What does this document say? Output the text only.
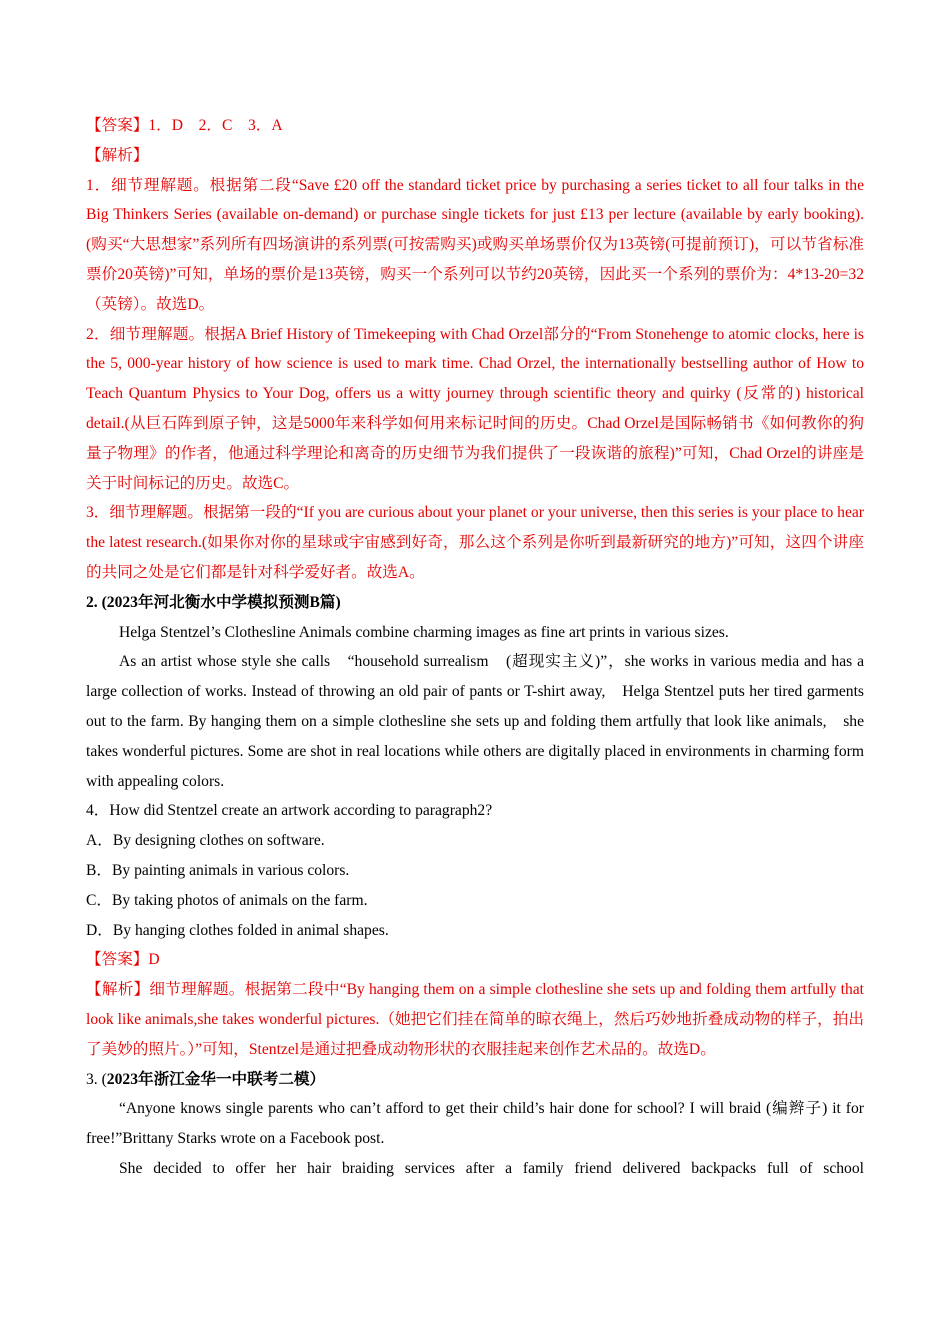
【答案】1．D　2．C　3．A
【解析】

1．细节理解题。根据第二段“Save £20 off the standard ticket price by purchasing a series ticket to all four talks in the Big Thinkers Series (available on-demand) or purchase single tickets for just £13 per lecture (available by early booking).(购买“大思想家”系列所有四场演讲的系列票(可按需购买)或购买单场票价仅为13英镑(可提前预订)，可以节省标准票价20英镑)”可知，单场的票价是13英镑，购买一个系列可以节约20英镑，因此买一个系列的票价为：4*13-20=32（英镑）。故选D。

2．细节理解题。根据A Brief History of Timekeeping with Chad Orzel部分的“From Stonehenge to atomic clocks, here is the 5, 000-year history of how science is used to mark time. Chad Orzel, the internationally bestselling author of How to Teach Quantum Physics to Your Dog, offers us a witty journey through scientific theory and quirky (反常的) historical detail.(从巨石阵到原子钟，这是5000年来科学如何用来标记时间的历史。Chad Orzel是国际畅销书《如何教你的狗量子物理》的作者，他通过科学理论和离奇的历史细节为我们提供了一段诙谐的旅程)”可知，Chad Orzel的讲座是关于时间标记的历史。故选C。

3．细节理解题。根据第一段的“If you are curious about your planet or your universe, then this series is your place to hear the latest research.(如果你对你的星球或宇宙感到好奇，那么这个系列是你听到最新研究的地方)”可知，这四个讲座的共同之处是它们都是针对科学爱好者。故选A。

2. (2023年河北衡水中学模拟预测B篇)

Helga Stentzel’s Clothesline Animals combine charming images as fine art prints in various sizes.

As an artist whose style she calls　“household surrealism　(超现实主义)”，she works in various media and has a large collection of works. Instead of throwing an old pair of pants or T-shirt away,　Helga Stentzel puts her tired garments out to the farm. By hanging them on a simple clothesline she sets up and folding them artfully that look like animals,　she takes wonderful pictures. Some are shot in real locations while others are digitally placed in environments in charming form with appealing colors.

4．How did Stentzel create an artwork according to paragraph2?
A．By designing clothes on software.
B．By painting animals in various colors.
C．By taking photos of animals on the farm.
D．By hanging clothes folded in animal shapes.
【答案】D

【解析】细节理解题。根据第二段中“By hanging them on a simple clothesline she sets up and folding them artfully that look like animals,she takes wonderful pictures.（她把它们挂在简单的晾衣绳上，然后巧妙地折叠成动物的样子，拍出了美妙的照片。）”可知，Stentzel是通过把叠成动物形状的衣服挂起来创作艺术品的。故选D。

3. (2023年浙江金华一中联考二模）

“Anyone knows single parents who can’t afford to get their child’s hair done for school? I will braid (编辫子) it for free!”Brittany Starks wrote on a Facebook post.

She decided to offer her hair braiding services after a family friend delivered backpacks full of school
